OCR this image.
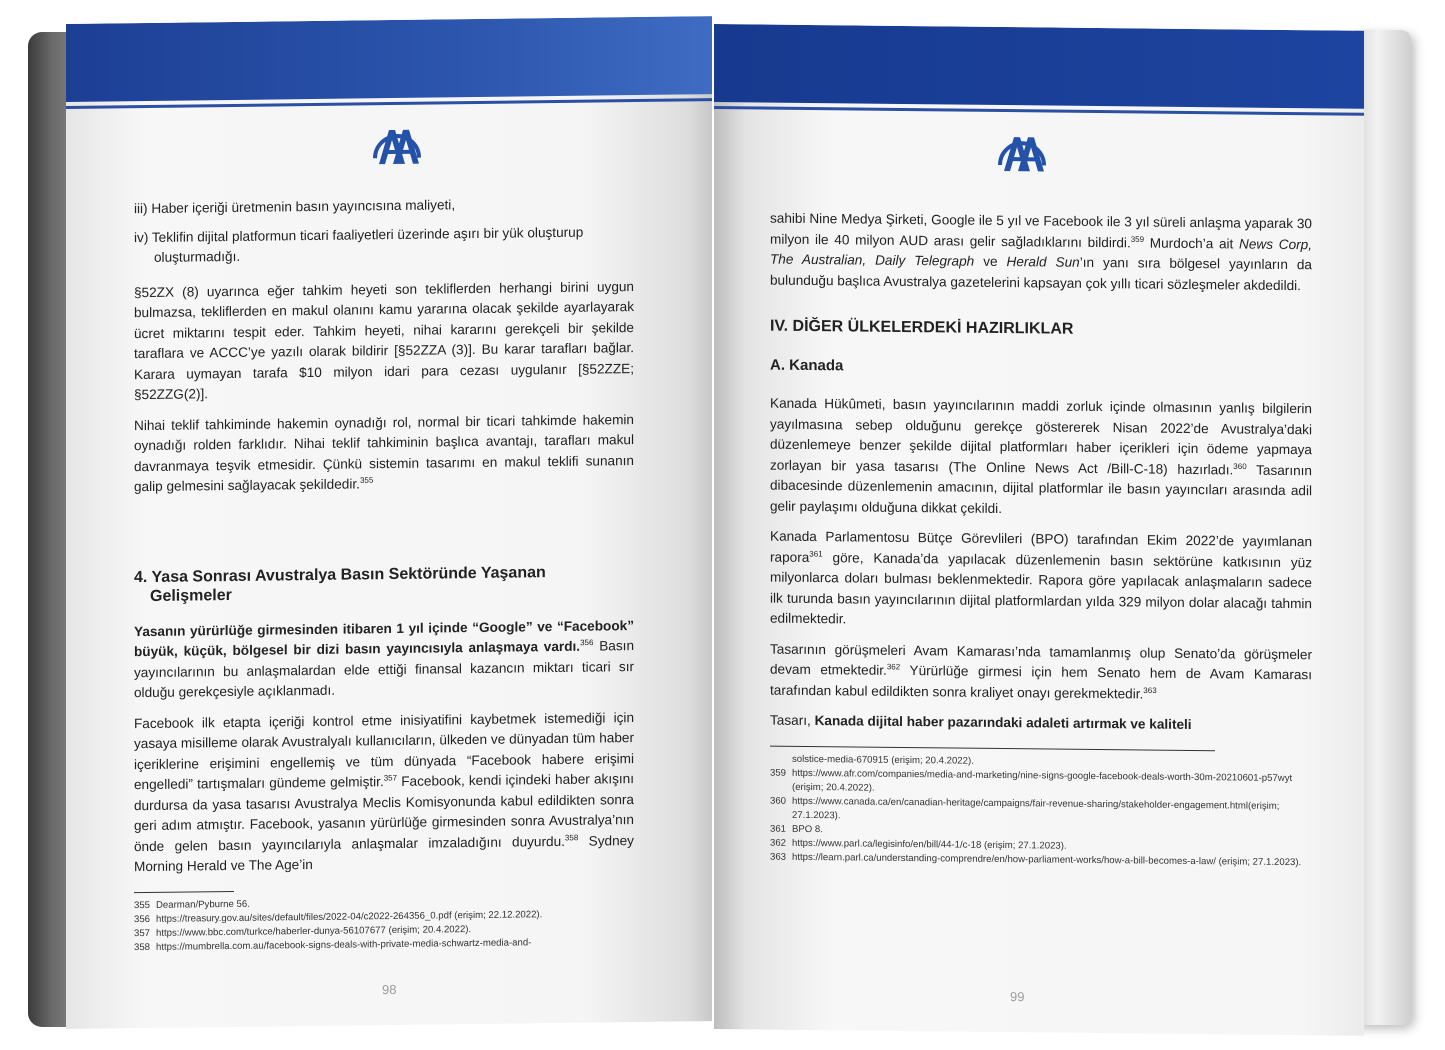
iii) Haber içeriği üretmenin basın yayıncısına maliyeti,
iv) Teklifin dijital platformun ticari faaliyetleri üzerinde aşırı bir yük oluşturup
oluşturmadığı.

§52ZX (8) uyarınca eğer tahkim heyeti son tekliflerden herhangi birini uygun bulmazsa, tekliflerden en makul olanını kamu yararına olacak şekilde ayarlayarak ücret miktarını tespit eder. Tahkim heyeti, nihai kararını gerekçeli bir şekilde taraflara ve ACCC’ye yazılı olarak bildirir [§52ZZA (3)]. Bu karar tarafları bağlar. Karara uymayan tarafa $10 milyon idari para cezası uygulanır [§52ZZE; §52ZZG(2)].

Nihai teklif tahkiminde hakemin oynadığı rol, normal bir ticari tahkimde hakemin oynadığı rolden farklıdır. Nihai teklif tahkiminin başlıca avantajı, tarafları makul davranmaya teşvik etmesidir. Çünkü sistemin tasarımı en makul teklifi sunanın galip gelmesini sağlayacak şekildedir.$^{355}$

4. Yasa Sonrası Avustralya Basın Sektöründe Yaşanan
Gelişmeler

Yasanın yürürlüğe girmesinden itibaren 1 yıl içinde “Google” ve “Facebook” büyük, küçük, bölgesel bir dizi basın yayıncısıyla anlaşmaya vardı.$^{356}$ Basın yayıncılarının bu anlaşmalardan elde ettiği finansal kazancın miktarı ticari sır olduğu gerekçesiyle açıklanmadı.

Facebook ilk etapta içeriği kontrol etme inisiyatifini kaybetmek istemediği için yasaya misilleme olarak Avustralyalı kullanıcıların, ülkeden ve dünyadan tüm haber içeriklerine erişimini engellemiş ve tüm dünyada “Facebook habere erişimi engelledi” tartışmaları gündeme gelmiştir.$^{357}$ Facebook, kendi içindeki haber akışını durdursa da yasa tasarısı Avustralya Meclis Komisyonunda kabul edildikten sonra geri adım atmıştır. Facebook, yasanın yürürlüğe girmesinden sonra Avustralya’nın önde gelen basın yayıncılarıyla anlaşmalar imzaladığını duyurdu.$^{358}$ Sydney Morning Herald ve The Age’in

355 Dearman/Pyburne 56.
356 https://treasury.gov.au/sites/default/files/2022-04/c2022-264356_0.pdf (erişim; 22.12.2022).
357 https://www.bbc.com/turkce/haberler-dunya-56107677 (erişim; 20.4.2022).
358 https://mumbrella.com.au/facebook-signs-deals-with-private-media-schwartz-media-and-
98

sahibi Nine Medya Şirketi, Google ile 5 yıl ve Facebook ile 3 yıl süreli anlaşma yaparak 30 milyon ile 40 milyon AUD arası gelir sağladıklarını bildirdi.$^{359}$ Murdoch’a ait News Corp, The Australian, Daily Telegraph ve Herald Sun’ın yanı sıra bölgesel yayınların da bulunduğu başlıca Avustralya gazetelerini kapsayan çok yıllı ticari sözleşmeler akdedildi.

IV. DİĞER ÜLKELERDEKİ HAZIRLIKLAR
A. Kanada

Kanada Hükûmeti, basın yayıncılarının maddi zorluk içinde olmasının yanlış bilgilerin yayılmasına sebep olduğunu gerekçe göstererek Nisan 2022’de Avustralya’daki düzenlemeye benzer şekilde dijital platformları haber içerikleri için ödeme yapmaya zorlayan bir yasa tasarısı (The Online News Act /Bill-C-18) hazırladı.$^{360}$ Tasarının dibacesinde düzenlemenin amacının, dijital platformlar ile basın yayıncıları arasında adil gelir paylaşımı olduğuna dikkat çekildi.

Kanada Parlamentosu Bütçe Görevlileri (BPO) tarafından Ekim 2022’de yayımlanan raporа$^{361}$ göre, Kanada’da yapılacak düzenlemenin basın sektörüne katkısının yüz milyonlarca doları bulması beklenmektedir. Rapora göre yapılacak anlaşmaların sadece ilk turunda basın yayıncılarının dijital platformlardan yılda 329 milyon dolar alacağı tahmin edilmektedir.

Tasarının görüşmeleri Avam Kamarası’nda tamamlanmış olup Senato’da görüşmeler devam etmektedir.$^{362}$ Yürürlüğe girmesi için hem Senato hem de Avam Kamarası tarafından kabul edildikten sonra kraliyet onayı gerekmektedir.$^{363}$

Tasarı, Kanada dijital haber pazarındaki adaleti artırmak ve kaliteli

solstice-media-670915 (erişim; 20.4.2022).
359 https://www.afr.com/companies/media-and-marketing/nine-signs-google-facebook-deals-worth-30m-20210601-p57wyt (erişim; 20.4.2022).
360 https://www.canada.ca/en/canadian-heritage/campaigns/fair-revenue-sharing/stakeholder-engagement.html(erişim; 27.1.2023).
361 BPO 8.
362 https://www.parl.ca/legisinfo/en/bill/44-1/c-18 (erişim; 27.1.2023).
363 https://learn.parl.ca/understanding-comprendre/en/how-parliament-works/how-a-bill-becomes-a-law/ (erişim; 27.1.2023).
99
